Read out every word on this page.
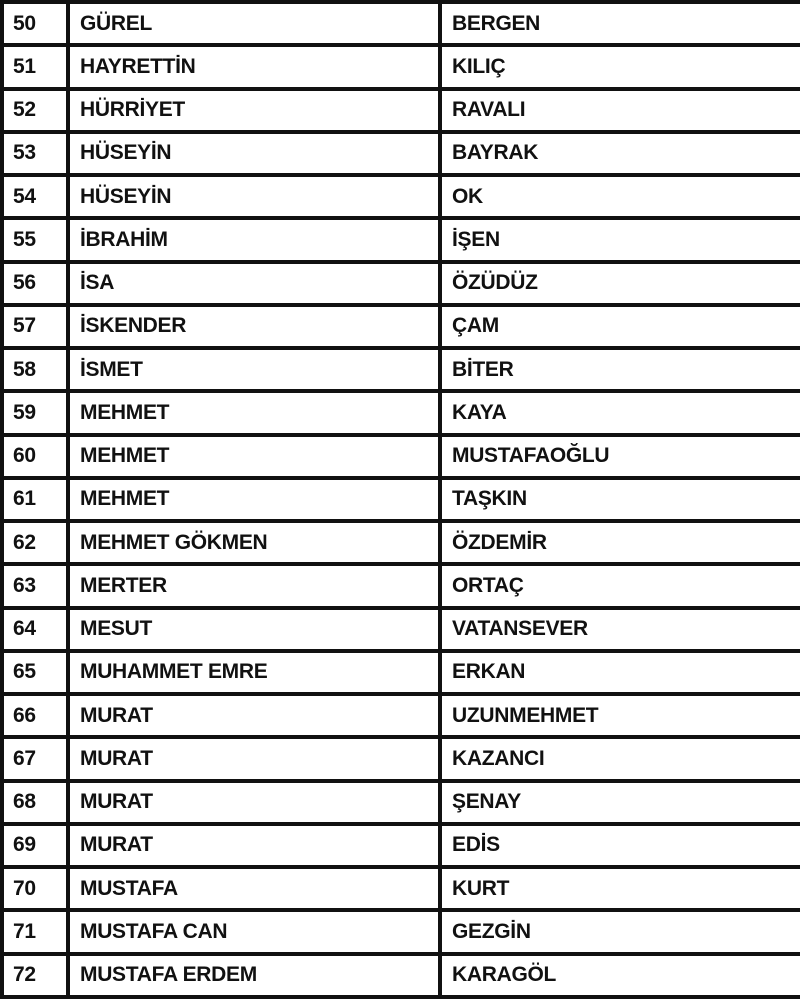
50	GÜREL	BERGEN
51	HAYRETTİN	KILIÇ
52	HÜRRİYET	RAVALI
53	HÜSEYİN	BAYRAK
54	HÜSEYİN	OK
55	İBRAHİM	İŞEN
56	İSA	ÖZÜDÜZ
57	İSKENDER	ÇAM
58	İSMET	BİTER
59	MEHMET	KAYA
60	MEHMET	MUSTAFAOĞLU
61	MEHMET	TAŞKIN
62	MEHMET GÖKMEN	ÖZDEMİR
63	MERTER	ORTAÇ
64	MESUT	VATANSEVER
65	MUHAMMET EMRE	ERKAN
66	MURAT	UZUNMEHMET
67	MURAT	KAZANCI
68	MURAT	ŞENAY
69	MURAT	EDİS
70	MUSTAFA	KURT
71	MUSTAFA CAN	GEZGİN
72	MUSTAFA ERDEM	KARAGÖL
